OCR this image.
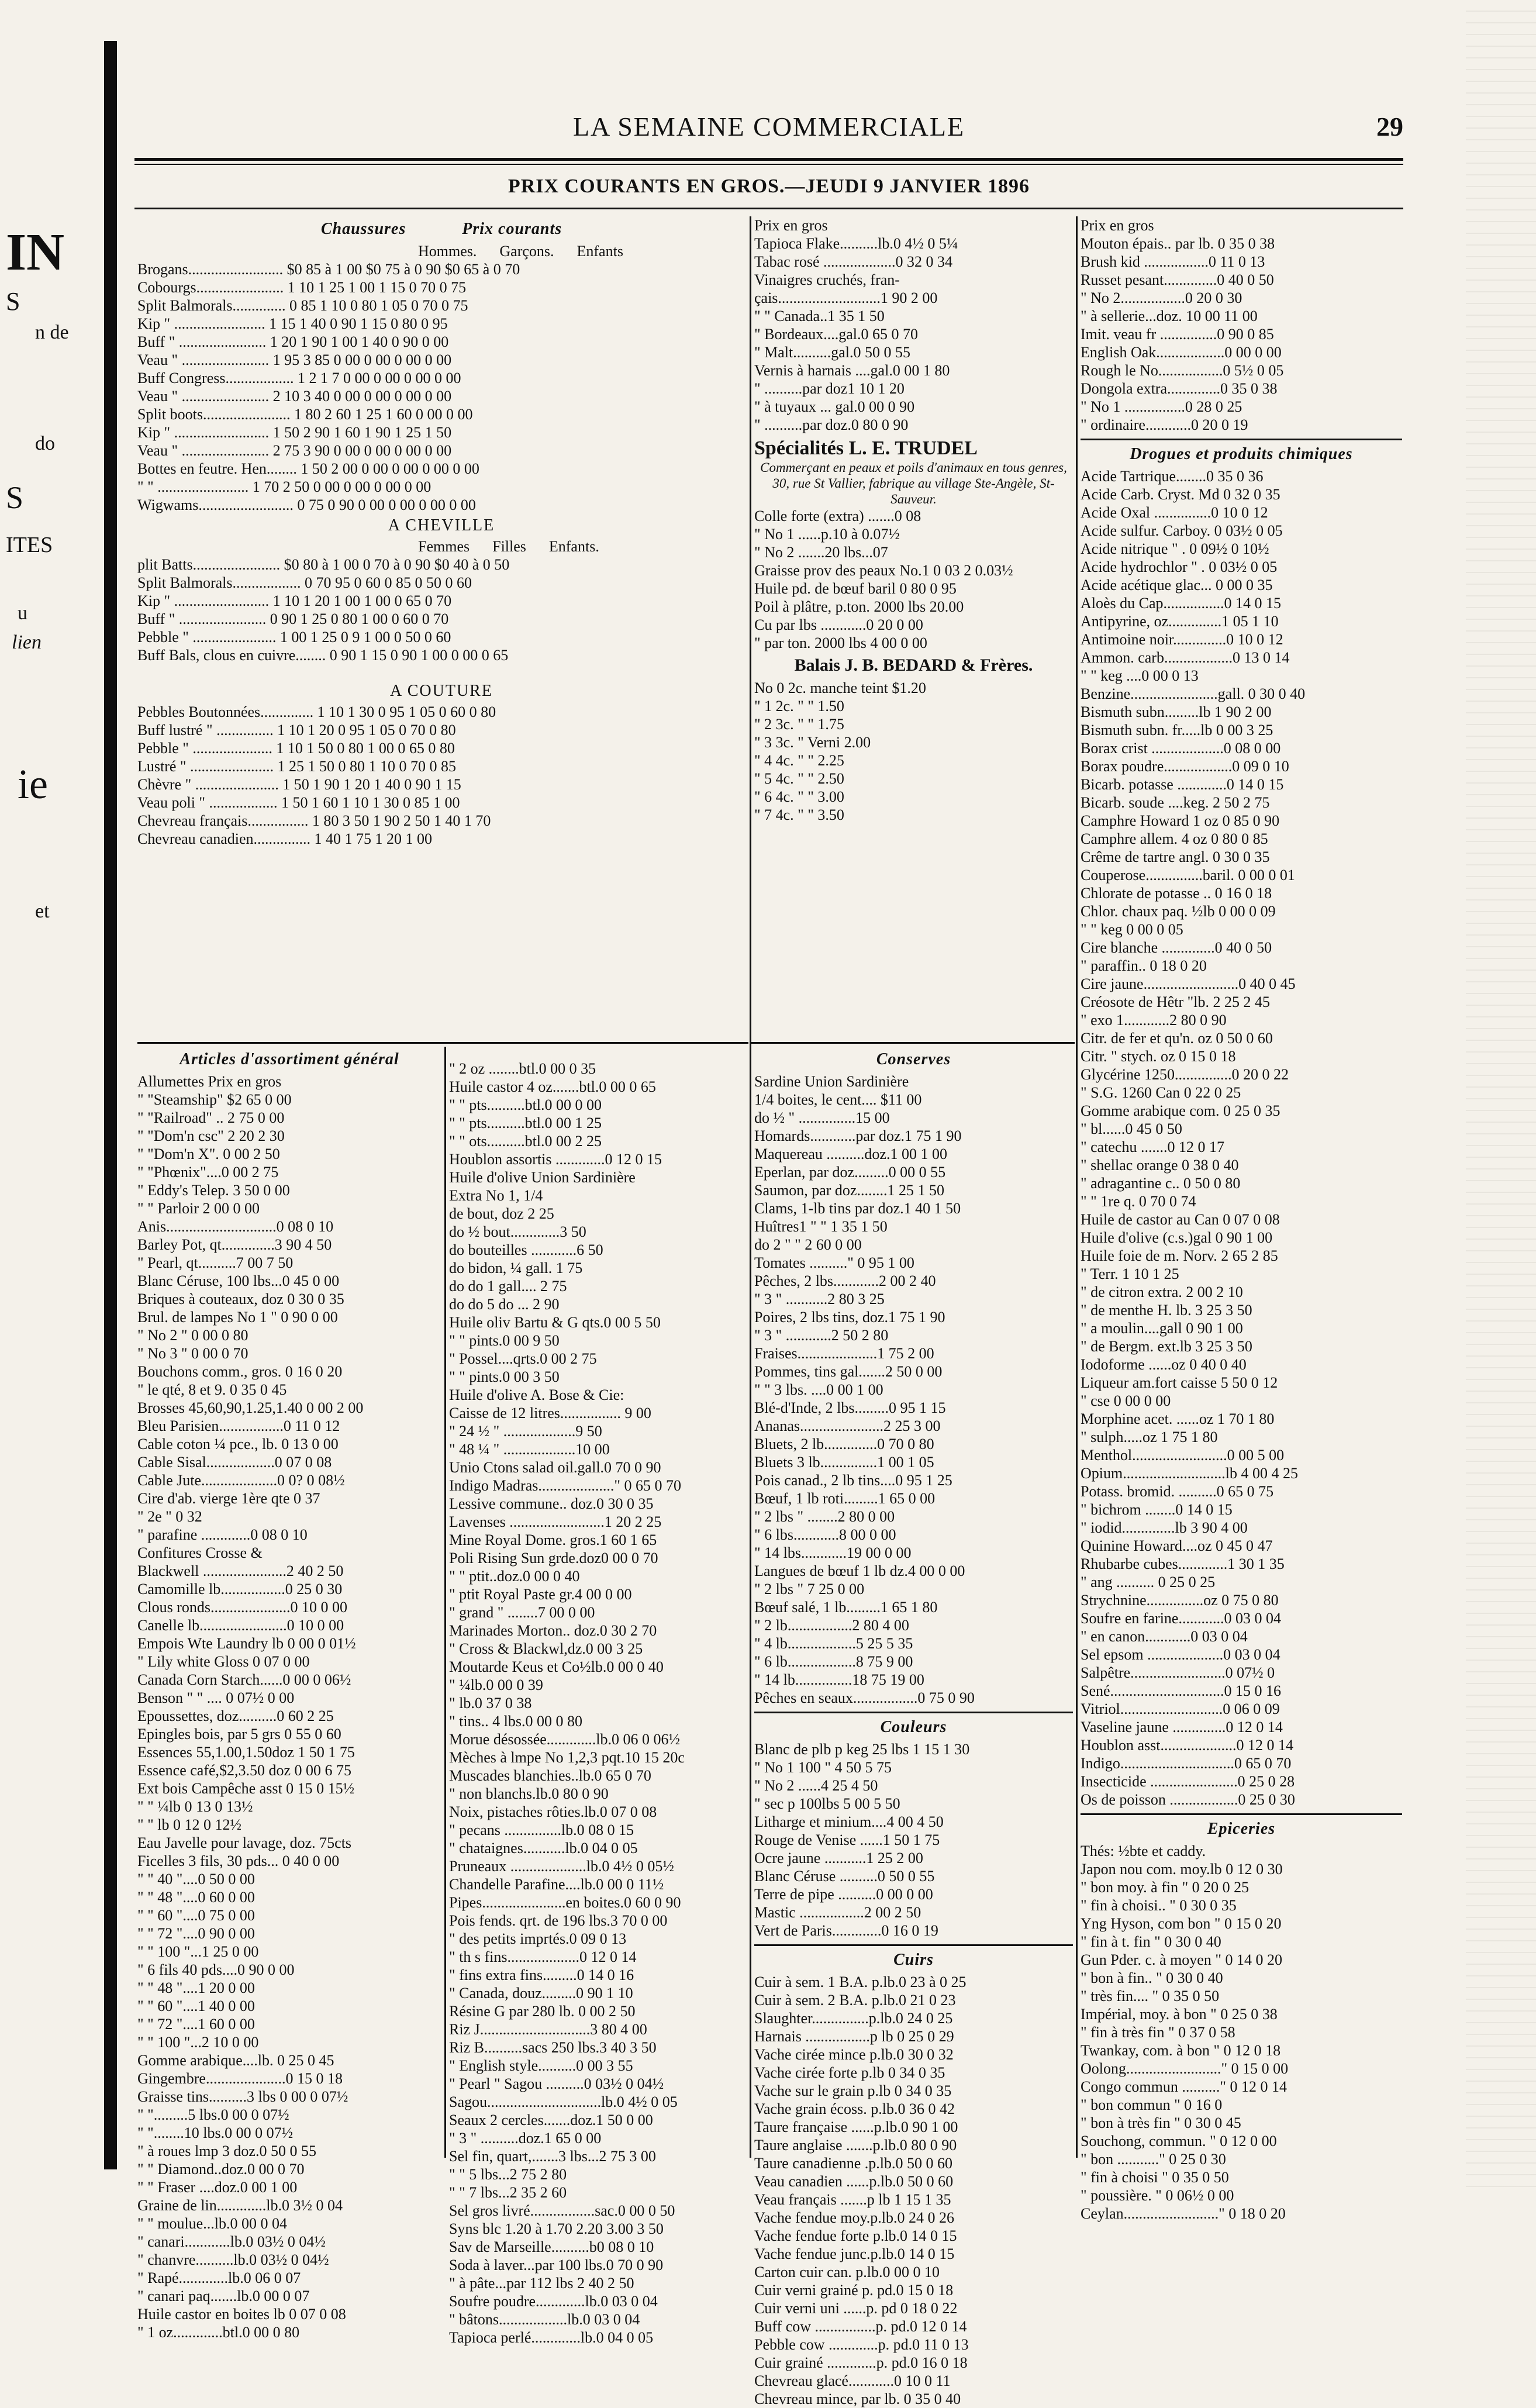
IN
S
n de
do
S
ITES
u
lien
ie
et
LA SEMAINE COMMERCIALE	29
PRIX COURANTS EN GROS.—JEUDI 9 JANVIER 1896
Chaussures	Prix courants
Hommes.      Garçons.      Enfants
Brogans......................... $0 85 à 1 00 $0 75 à 0 90 $0 65 à 0 70
Cobourgs....................... 1 10 1 25 1 00 1 15 0 70 0 75
Split Balmorals.............. 0 85 1 10 0 80 1 05 0 70 0 75
Kip " ........................ 1 15 1 40 0 90 1 15 0 80 0 95
Buff " ....................... 1 20 1 90 1 00 1 40 0 90 0 00
Veau " ....................... 1 95 3 85 0 00 0 00 0 00 0 00
Buff Congress.................. 1 2 1 7 0 00 0 00 0 00 0 00
Veau " ....................... 2 10 3 40 0 00 0 00 0 00 0 00
Split boots....................... 1 80 2 60 1 25 1 60 0 00 0 00
Kip " ......................... 1 50 2 90 1 60 1 90 1 25 1 50
Veau " ....................... 2 75 3 90 0 00 0 00 0 00 0 00
Bottes en feutre. Hen........ 1 50 2 00 0 00 0 00 0 00 0 00
" " ........................ 1 70 2 50 0 00 0 00 0 00 0 00
Wigwams......................... 0 75 0 90 0 00 0 00 0 00 0 00
A CHEVILLE
Femmes      Filles      Enfants.
plit Batts....................... $0 80 à 1 00 0 70 à 0 90 $0 40 à 0 50
Split Balmorals.................. 0 70 95 0 60 0 85 0 50 0 60
Kip " ......................... 1 10 1 20 1 00 1 00 0 65 0 70
Buff " ....................... 0 90 1 25 0 80 1 00 0 60 0 70
Pebble " ...................... 1 00 1 25 0 9 1 00 0 50 0 60
Buff Bals, clous en cuivre........ 0 90 1 15 0 90 1 00 0 00 0 65
A COUTURE
Pebbles Boutonnées.............. 1 10 1 30 0 95 1 05 0 60 0 80
Buff lustré " ............... 1 10 1 20 0 95 1 05 0 70 0 80
Pebble " ..................... 1 10 1 50 0 80 1 00 0 65 0 80
Lustré " ...................... 1 25 1 50 0 80 1 10 0 70 0 85
Chèvre " ...................... 1 50 1 90 1 20 1 40 0 90 1 15
Veau poli " .................. 1 50 1 60 1 10 1 30 0 85 1 00
Chevreau français................ 1 80 3 50 1 90 2 50 1 40 1 70
Chevreau canadien............... 1 40 1 75 1 20 1 00
Prix en gros
Tapioca Flake..........lb.0 4½ 0 5¼
Tabac rosé ...................0 32 0 34
Vinaigres cruchés, fran-
çais...........................1 90 2 00
" " Canada..1 35 1 50
" Bordeaux....gal.0 65 0 70
" Malt..........gal.0 50 0 55
Vernis à harnais ....gal.0 00 1 80
" ..........par doz1 10 1 20
" à tuyaux ... gal.0 00 0 90
" ..........par doz.0 80 0 90
Spécialités L. E. TRUDEL
Commerçant en peaux et poils d'animaux en tous genres, 30, rue St Vallier, fabrique au village Ste-Angèle, St-Sauveur.
Colle forte (extra) .......0 08
" No 1 ......p.10 à 0.07½
" No 2 .......20 lbs...07
Graisse prov des peaux No.1 0 03 2 0.03½
Huile pd. de bœuf baril 0 80 0 95
Poil à plâtre, p.ton. 2000 lbs 20.00
Cu par lbs ............0 20 0 00
" par ton. 2000 lbs 4 00 0 00
Balais J. B. BEDARD & Frères.
No 0 2c. manche teint $1.20
" 1 2c. " " 1.50
" 2 3c. " " 1.75
" 3 3c. " Verni 2.00
" 4 4c. " " 2.25
" 5 4c. " " 2.50
" 6 4c. " " 3.00
" 7 4c. " " 3.50
Conserves
Sardine Union Sardinière
1/4 boites, le cent.... $11 00
do ½ " ...............15 00
Homards............par doz.1 75 1 90
Maquereau ..........doz.1 00 1 00
Eperlan, par doz.........0 00 0 55
Saumon, par doz........1 25 1 50
Clams, 1-lb tins par doz.1 40 1 50
Huîtres1 " " 1 35 1 50
do 2 " " 2 60 0 00
Tomates .........." 0 95 1 00
Pêches, 2 lbs............2 00 2 40
" 3 " ...........2 80 3 25
Poires, 2 lbs tins, doz.1 75 1 90
" 3 " ............2 50 2 80
Fraises.....................1 75 2 00
Pommes, tins gal.......2 50 0 00
" " 3 lbs. ....0 00 1 00
Blé-d'Inde, 2 lbs.........0 95 1 15
Ananas......................2 25 3 00
Bluets, 2 lb..............0 70 0 80
Bluets 3 lb...............1 00 1 05
Pois canad., 2 lb tins....0 95 1 25
Bœuf, 1 lb roti.........1 65 0 00
" 2 lbs " ........2 80 0 00
" 6 lbs............8 00 0 00
" 14 lbs............19 00 0 00
Langues de bœuf 1 lb dz.4 00 0 00
" 2 lbs " 7 25 0 00
Bœuf salé, 1 lb.........1 65 1 80
" 2 lb.................2 80 4 00
" 4 lb..................5 25 5 35
" 6 lb..................8 75 9 00
" 14 lb...............18 75 19 00
Pêches en seaux.................0 75 0 90
Couleurs
Blanc de plb p keg 25 lbs 1 15 1 30
" No 1 100 " 4 50 5 75
" No 2 ......4 25 4 50
" sec p 100lbs 5 00 5 50
Litharge et minium....4 00 4 50
Rouge de Venise ......1 50 1 75
Ocre jaune ...........1 25 2 00
Blanc Céruse ..........0 50 0 55
Terre de pipe ..........0 00 0 00
Mastic .................2 00 2 50
Vert de Paris.............0 16 0 19
Cuirs
Cuir à sem. 1 B.A. p.lb.0 23 à 0 25
Cuir à sem. 2 B.A. p.lb.0 21 0 23
Slaughter...............p.lb.0 24 0 25
Harnais .................p lb 0 25 0 29
Vache cirée mince p.lb.0 30 0 32
Vache cirée forte p.lb 0 34 0 35
Vache sur le grain p.lb 0 34 0 35
Vache grain écoss. p.lb.0 36 0 42
Taure française ......p.lb.0 90 1 00
Taure anglaise .......p.lb.0 80 0 90
Taure canadienne .p.lb.0 50 0 60
Veau canadien ......p.lb.0 50 0 60
Veau français .......p lb 1 15 1 35
Vache fendue moy.p.lb.0 24 0 26
Vache fendue forte p.lb.0 14 0 15
Vache fendue junc.p.lb.0 14 0 15
Carton cuir can. p.lb.0 00 0 10
Cuir verni grainé p. pd.0 15 0 18
Cuir verni uni ......p. pd 0 18 0 22
Buff cow ................p. pd.0 12 0 14
Pebble cow .............p. pd.0 11 0 13
Cuir grainé .............p. pd.0 16 0 18
Chevreau glacé............0 10 0 11
Chevreau mince, par lb. 0 35 0 40
Prix en gros
Mouton épais.. par lb. 0 35 0 38
Brush kid .................0 11 0 13
Russet pesant..............0 40 0 50
" No 2.................0 20 0 30
" à sellerie...doz. 10 00 11 00
Imit. veau fr ...............0 90 0 85
English Oak..................0 00 0 00
Rough le No.................0 5½ 0 05
Dongola extra..............0 35 0 38
" No 1 ................0 28 0 25
" ordinaire............0 20 0 19
Drogues et produits chimiques
Acide Tartrique........0 35 0 36
Acide Carb. Cryst. Md 0 32 0 35
Acide Oxal ...............0 10 0 12
Acide sulfur. Carboy. 0 03½ 0 05
Acide nitrique " . 0 09½ 0 10½
Acide hydrochlor " . 0 03½ 0 05
Acide acétique glac... 0 00 0 35
Aloès du Cap................0 14 0 15
Antipyrine, oz..............1 05 1 10
Antimoine noir..............0 10 0 12
Ammon. carb..................0 13 0 14
" " keg ....0 00 0 13
Benzine.......................gall. 0 30 0 40
Bismuth subn.........lb 1 90 2 00
Bismuth subn. fr.....lb 0 00 3 25
Borax crist ...................0 08 0 00
Borax poudre..................0 09 0 10
Bicarb. potasse .............0 14 0 15
Bicarb. soude ....keg. 2 50 2 75
Camphre Howard 1 oz 0 85 0 90
Camphre allem. 4 oz 0 80 0 85
Crême de tartre angl. 0 30 0 35
Couperose...............baril. 0 00 0 01
Chlorate de potasse .. 0 16 0 18
Chlor. chaux paq. ½lb 0 00 0 09
" " keg 0 00 0 05
Cire blanche ..............0 40 0 50
" paraffin.. 0 18 0 20
Cire jaune.........................0 40 0 45
Créosote de Hêtr "lb. 2 25 2 45
" exo 1............2 80 0 90
Citr. de fer et qu'n. oz 0 50 0 60
Citr. " stych. oz 0 15 0 18
Glycérine 1250...............0 20 0 22
" S.G. 1260 Can 0 22 0 25
Gomme arabique com. 0 25 0 35
" bl......0 45 0 50
" catechu .......0 12 0 17
" shellac orange 0 38 0 40
" adragantine c.. 0 50 0 80
" " 1re q. 0 70 0 74
Huile de castor au Can 0 07 0 08
Huile d'olive (c.s.)gal 0 90 1 00
Huile foie de m. Norv. 2 65 2 85
" Terr. 1 10 1 25
" de citron extra. 2 00 2 10
" de menthe H. lb. 3 25 3 50
" a moulin....gall 0 90 1 00
" de Bergm. ext.lb 3 25 3 50
Iodoforme ......oz 0 40 0 40
Liqueur am.fort caisse 5 50 0 12
" cse 0 00 0 00
Morphine acet. ......oz 1 70 1 80
" sulph.....oz 1 75 1 80
Menthol.........................0 00 5 00
Opium...........................lb 4 00 4 25
Potass. bromid. ..........0 65 0 75
" bichrom ........0 14 0 15
" iodid..............lb 3 90 4 00
Quinine Howard....oz 0 45 0 47
Rhubarbe cubes.............1 30 1 35
" ang .......... 0 25 0 25
Strychnine...............oz 0 75 0 80
Soufre en farine............0 03 0 04
" en canon............0 03 0 04
Sel epsom ....................0 03 0 04
Salpêtre.........................0 07½ 0
Sené..............................0 15 0 16
Vitriol...........................0 06 0 09
Vaseline jaune ..............0 12 0 14
Houblon asst....................0 12 0 14
Indigo..............................0 65 0 70
Insecticide .......................0 25 0 28
Os de poisson ..................0 25 0 30
Epiceries
Thés: ½bte et caddy.
Japon nou com. moy.lb 0 12 0 30
" bon moy. à fin " 0 20 0 25
" fin à choisi.. " 0 30 0 35
Yng Hyson, com bon " 0 15 0 20
" fin à t. fin " 0 30 0 40
Gun Pder. c. à moyen " 0 14 0 20
" bon à fin.. " 0 30 0 40
" très fin.... " 0 35 0 50
Impérial, moy. à bon " 0 25 0 38
" fin à très fin " 0 37 0 58
Twankay, com. à bon " 0 12 0 18
Oolong........................." 0 15 0 00
Congo commun .........." 0 12 0 14
" bon commun " 0 16 0
" bon à très fin " 0 30 0 45
Souchong, commun. " 0 12 0 00
" bon ..........." 0 25 0 30
" fin à choisi " 0 35 0 50
" poussière. " 0 06½ 0 00
Ceylan........................." 0 18 0 20
Articles d'assortiment général
Allumettes Prix en gros
" "Steamship" $2 65 0 00
" "Railroad" .. 2 75 0 00
" "Dom'n csc" 2 20 2 30
" "Dom'n X". 0 00 2 50
" "Phœnix"....0 00 2 75
" Eddy's Telep. 3 50 0 00
" " Parloir 2 00 0 00
Anis.............................0 08 0 10
Barley Pot, qt..............3 90 4 50
" Pearl, qt..........7 00 7 50
Blanc Céruse, 100 lbs...0 45 0 00
Briques à couteaux, doz 0 30 0 35
Brul. de lampes No 1 " 0 90 0 00
" No 2 " 0 00 0 80
" No 3 " 0 00 0 70
Bouchons comm., gros. 0 16 0 20
" le qté, 8 et 9. 0 35 0 45
Brosses 45,60,90,1.25,1.40 0 00 2 00
Bleu Parisien.................0 11 0 12
Cable coton ¼ pce., lb. 0 13 0 00
Cable Sisal..................0 07 0 08
Cable Jute....................0 0? 0 08½
Cire d'ab. vierge 1ère qte 0 37
" 2e " 0 32
" parafine .............0 08 0 10
Confitures Crosse &
Blackwell ......................2 40 2 50
Camomille lb.................0 25 0 30
Clous ronds.....................0 10 0 00
Canelle lb.......................0 10 0 00
Empois Wte Laundry lb 0 00 0 01½
" Lily white Gloss 0 07 0 00
Canada Corn Starch......0 00 0 06½
Benson " " .... 0 07½ 0 00
Epoussettes, doz..........0 60 2 25
Epingles bois, par 5 grs 0 55 0 60
Essences 55,1.00,1.50doz 1 50 1 75
Essence café,$2,3.50 doz 0 00 6 75
Ext bois Campêche asst 0 15 0 15½
" " ¼lb 0 13 0 13½
" " lb 0 12 0 12½
Eau Javelle pour lavage, doz. 75cts
Ficelles 3 fils, 30 pds... 0 40 0 00
" " 40 "....0 50 0 00
" " 48 "....0 60 0 00
" " 60 "....0 75 0 00
" " 72 "....0 90 0 00
" " 100 "...1 25 0 00
" 6 fils 40 pds....0 90 0 00
" " 48 "....1 20 0 00
" " 60 "....1 40 0 00
" " 72 "....1 60 0 00
" " 100 "...2 10 0 00
Gomme arabique....lb. 0 25 0 45
Gingembre.....................0 15 0 18
Graisse tins..........3 lbs 0 00 0 07½
" ".........5 lbs.0 00 0 07½
" "........10 lbs.0 00 0 07½
" à roues lmp 3 doz.0 50 0 55
" " Diamond..doz.0 00 0 70
" " Fraser ....doz.0 00 1 00
Graine de lin.............lb.0 3½ 0 04
" " moulue...lb.0 00 0 04
" canari............lb.0 03½ 0 04½
" chanvre..........lb.0 03½ 0 04½
" Rapé.............lb.0 06 0 07
" canari paq.......lb.0 00 0 07
Huile castor en boites lb 0 07 0 08
" 1 oz.............btl.0 00 0 80
" 2 oz ........btl.0 00 0 35
Huile castor 4 oz.......btl.0 00 0 65
" " pts..........btl.0 00 0 00
" " pts..........btl.0 00 1 25
" " ots..........btl.0 00 2 25
Houblon assortis .............0 12 0 15
Huile d'olive Union Sardinière
Extra No 1, 1/4
de bout, doz 2 25
do ½ bout.............3 50
do bouteilles ............6 50
do bidon, ¼ gall. 1 75
do do 1 gall.... 2 75
do do 5 do ... 2 90
Huile oliv Bartu & G qts.0 00 5 50
" " pints.0 00 9 50
" Possel....qrts.0 00 2 75
" " pints.0 00 3 50
Huile d'olive A. Bose & Cie:
Caisse de 12 litres................ 9 00
" 24 ½ " ...................9 50
" 48 ¼ " ...................10 00
Unio Ctons salad oil.gall.0 70 0 90
Indigo Madras...................." 0 65 0 70
Lessive commune.. doz.0 30 0 35
Lavenses .........................1 20 2 25
Mine Royal Dome. gros.1 60 1 65
Poli Rising Sun grde.doz0 00 0 70
" " ptit..doz.0 00 0 40
" ptit Royal Paste gr.4 00 0 00
" grand " ........7 00 0 00
Marinades Morton.. doz.0 30 2 70
" Cross & Blackwl,dz.0 00 3 25
Moutarde Keus et Co½lb.0 00 0 40
" ¼lb.0 00 0 39
" lb.0 37 0 38
" tins.. 4 lbs.0 00 0 80
Morue désossée.............lb.0 06 0 06½
Mèches à lmpe No 1,2,3 pqt.10 15 20c
Muscades blanchies..lb.0 65 0 70
" non blanchs.lb.0 80 0 90
Noix, pistaches rôties.lb.0 07 0 08
" pecans ...............lb.0 08 0 15
" chataignes...........lb.0 04 0 05
Pruneaux ....................lb.0 4½ 0 05½
Chandelle Parafine....lb.0 00 0 11½
Pipes......................en boites.0 60 0 90
Pois fends. qrt. de 196 lbs.3 70 0 00
" des petits imprtés.0 09 0 13
" th s fins...................0 12 0 14
" fins extra fins.........0 14 0 16
" Canada, douz.........0 90 1 10
Résine G par 280 lb. 0 00 2 50
Riz J.............................3 80 4 00
Riz B..........sacs 250 lbs.3 40 3 50
" English style..........0 00 3 55
" Pearl " Sagou ..........0 03½ 0 04½
Sagou..............................lb.0 4½ 0 05
Seaux 2 cercles.......doz.1 50 0 00
" 3 " ..........doz.1 65 0 00
Sel fin, quart,.......3 lbs...2 75 3 00
" " 5 lbs...2 75 2 80
" " 7 lbs...2 35 2 60
Sel gros livré.................sac.0 00 0 50
Syns blc 1.20 à 1.70 2.20 3.00 3 50
Sav de Marseille..........b0 08 0 10
Soda à laver...par 100 lbs.0 70 0 90
" à pâte...par 112 lbs 2 40 2 50
Soufre poudre.............lb.0 03 0 04
" bâtons..................lb.0 03 0 04
Tapioca perlé.............lb.0 04 0 05
